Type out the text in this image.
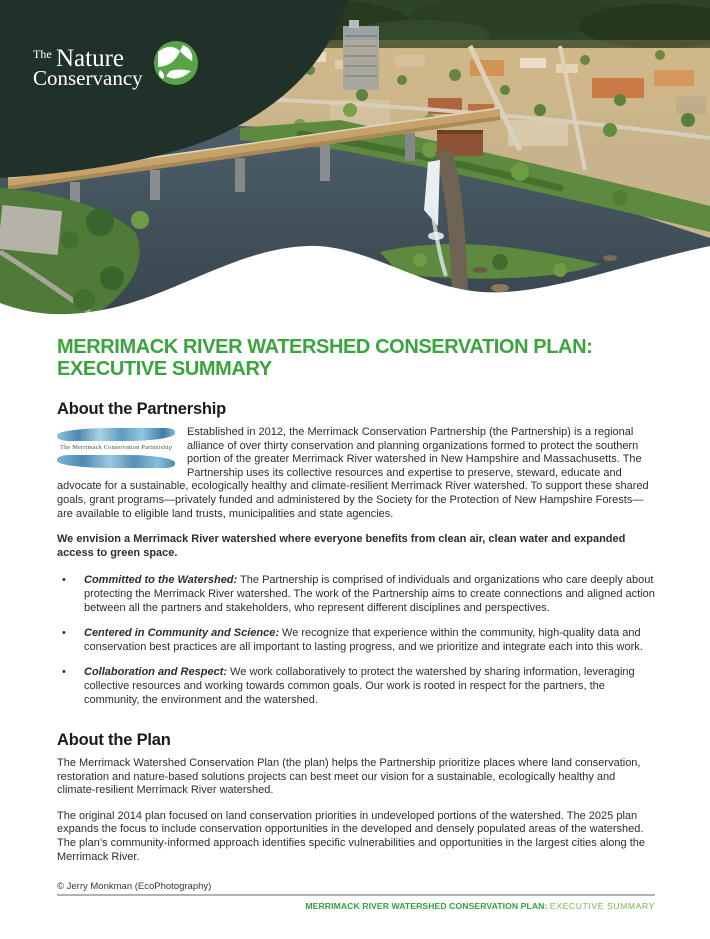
The Nature
Conservancy
MERRIMACK RIVER WATERSHED CONSERVATION PLAN:
EXECUTIVE SUMMARY
About the Partnership

The Merrimack Conservation Partnership
Established in 2012, the Merrimack Conservation Partnership (the Partnership) is a regional alliance of over thirty conservation and planning organizations formed to protect the southern portion of the greater Merrimack River watershed in New Hampshire and Massachusetts. The Partnership uses its collective resources and expertise to preserve, steward, educate and advocate for a sustainable, ecologically healthy and climate-resilient Merrimack River watershed. To support these shared goals, grant programs—privately funded and administered by the Society for the Protection of New Hampshire Forests—are available to eligible land trusts, municipalities and state agencies.

We envision a Merrimack River watershed where everyone benefits from clean air, clean water and expanded access to green space.

• Committed to the Watershed: The Partnership is comprised of individuals and organizations who care deeply about protecting the Merrimack River watershed. The work of the Partnership aims to create connections and aligned action between all the partners and stakeholders, who represent different disciplines and perspectives.
• Centered in Community and Science: We recognize that experience within the community, high-quality data and conservation best practices are all important to lasting progress, and we prioritize and integrate each into this work.
• Collaboration and Respect: We work collaboratively to protect the watershed by sharing information, leveraging collective resources and working towards common goals. Our work is rooted in respect for the partners, the community, the environment and the watershed.
About the Plan

The Merrimack Watershed Conservation Plan (the plan) helps the Partnership prioritize places where land conservation, restoration and nature-based solutions projects can best meet our vision for a sustainable, ecologically healthy and climate-resilient Merrimack River watershed.

The original 2014 plan focused on land conservation priorities in undeveloped portions of the watershed. The 2025 plan expands the focus to include conservation opportunities in the developed and densely populated areas of the watershed. The plan’s community-informed approach identifies specific vulnerabilities and opportunities in the largest cities along the Merrimack River.

© Jerry Monkman (EcoPhotography)

MERRIMACK RIVER WATERSHED CONSERVATION PLAN: EXECUTIVE SUMMARY
